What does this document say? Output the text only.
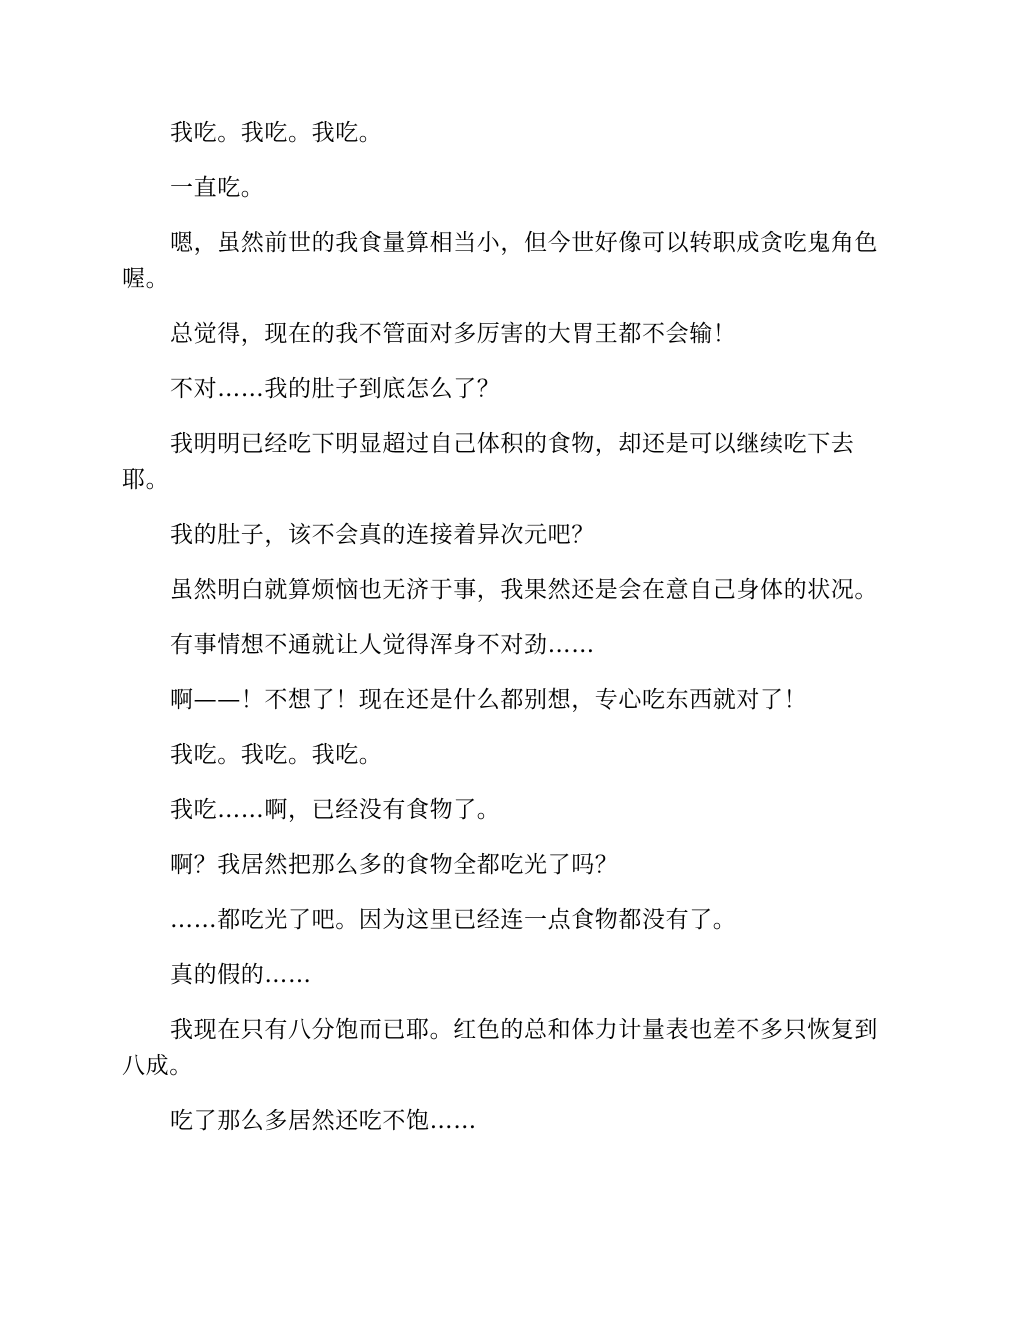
我吃。我吃。我吃。

一直吃。

嗯，虽然前世的我食量算相当小，但今世好像可以转职成贪吃鬼角色喔。

总觉得，现在的我不管面对多厉害的大胃王都不会输！

不对……我的肚子到底怎么了？

我明明已经吃下明显超过自己体积的食物，却还是可以继续吃下去耶。

我的肚子，该不会真的连接着异次元吧？

虽然明白就算烦恼也无济于事，我果然还是会在意自己身体的状况。

有事情想不通就让人觉得浑身不对劲……

啊——！不想了！现在还是什么都别想，专心吃东西就对了！

我吃。我吃。我吃。

我吃……啊，已经没有食物了。

啊？我居然把那么多的食物全都吃光了吗？

……都吃光了吧。因为这里已经连一点食物都没有了。

真的假的……

我现在只有八分饱而已耶。红色的总和体力计量表也差不多只恢复到八成。

吃了那么多居然还吃不饱……
